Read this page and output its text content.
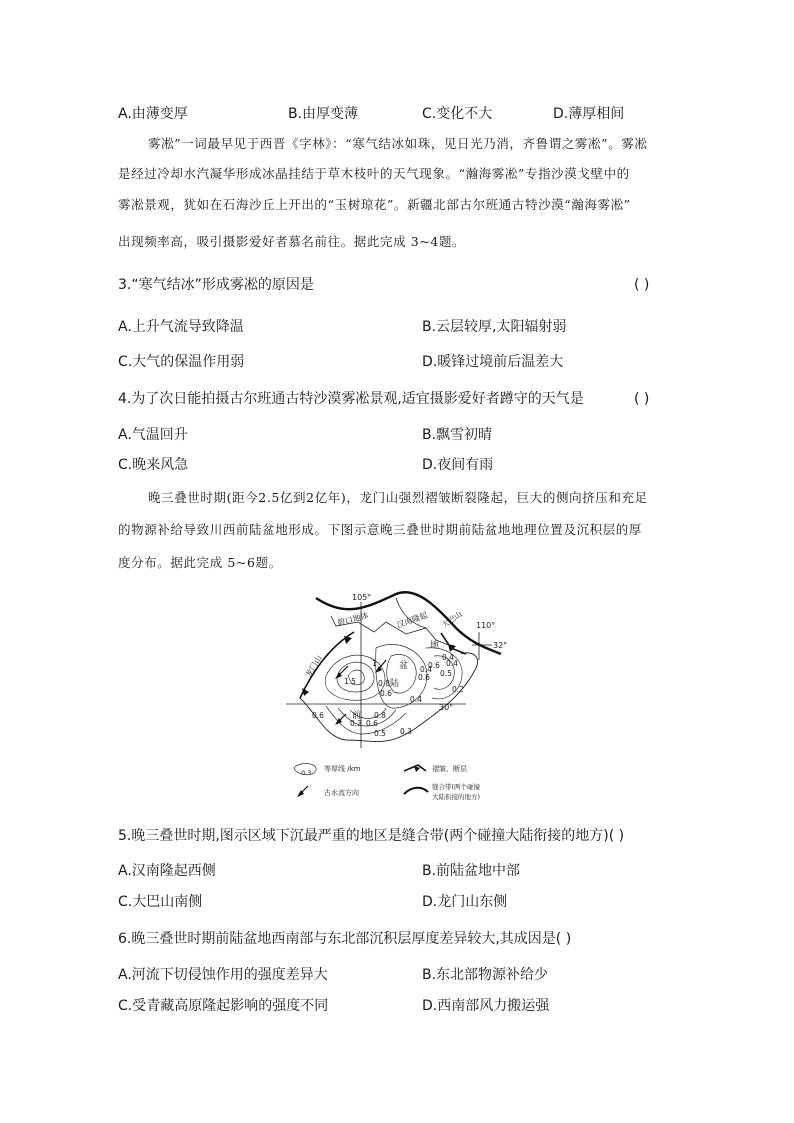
A.由薄变厚	B.由厚变薄	C.变化不大	D.薄厚相间
雾凇”一词最早见于西晋《字林》：“寒气结冰如珠，见日光乃消，齐鲁谓之雾凇”。雾凇
是经过冷却水汽凝华形成冰晶挂结于草木枝叶的天气现象。“瀚海雾凇”专指沙漠戈壁中的
雾凇景观，犹如在石海沙丘上开出的“玉树琼花”。新疆北部古尔班通古特沙漠“瀚海雾凇”
出现频率高，吸引摄影爱好者慕名前往。据此完成 3~4题。
3.“寒气结冰”形成雾凇的原因是	( )
A.上升气流导致降温	B.云层较厚,太阳辐射弱
C.大气的保温作用弱	D.暖锋过境前后温差大
4.为了次日能拍摄古尔班通古特沙漠雾凇景观,适宜摄影爱好者蹲守的天气是	( )
A.气温回升	B.飘雪初晴
C.晚来风急	D.夜间有雨
晚三叠世时期(距今2.5亿到2亿年)，龙门山强烈褶皱断裂隆起，巨大的侧向挤压和充足
的物源补给导致川西前陆盆地形成。下图示意晚三叠世时期前陆盆地地理位置及沉积层的厚
度分布。据此完成 5~6题。
105°
110°
32°
30°
碧口地体	汉南隆起 大巴山
龙门山
地
盆
陆
前
1
0.8
0.6
0.4
0.3
0.4 0.5
0.6
0.4
0.2
1.5
0.6
0.6
0.5
0.3
0.8
0.6
0.4
0.3 等厚线 /km	褶皱、断层
古水流方向
缝合带(两个碰撞
大陆衔接的地方)
5.晚三叠世时期,图示区域下沉最严重的地区是缝合带(两个碰撞大陆衔接的地方)( )
A.汉南隆起西侧	B.前陆盆地中部
C.大巴山南侧	D.龙门山东侧
6.晚三叠世时期前陆盆地西南部与东北部沉积层厚度差异较大,其成因是( )
A.河流下切侵蚀作用的强度差异大	B.东北部物源补给少
C.受青藏高原隆起影响的强度不同	D.西南部风力搬运强
